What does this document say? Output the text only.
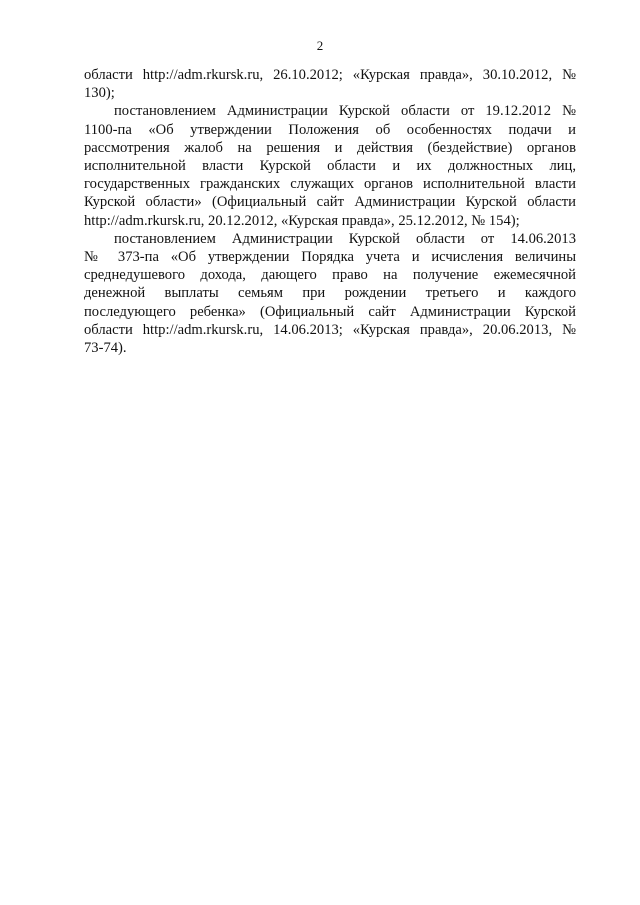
2

области http://adm.rkursk.ru, 26.10.2012; «Курская правда», 30.10.2012, №
130);

постановлением Администрации Курской области от 19.12.2012 №
1100-па «Об утверждении Положения об особенностях подачи и
рассмотрения жалоб на решения и действия (бездействие) органов
исполнительной власти Курской области и их должностных лиц,
государственных гражданских служащих органов исполнительной власти
Курской области» (Официальный сайт Администрации Курской области
http://adm.rkursk.ru, 20.12.2012, «Курская правда», 25.12.2012, № 154);

постановлением Администрации Курской области от 14.06.2013
№ 373-па «Об утверждении Порядка учета и исчисления величины
среднедушевого дохода, дающего право на получение ежемесячной
денежной выплаты семьям при рождении третьего и каждого
последующего ребенка» (Официальный сайт Администрации Курской
области http://adm.rkursk.ru, 14.06.2013; «Курская правда», 20.06.2013, №
73-74).
